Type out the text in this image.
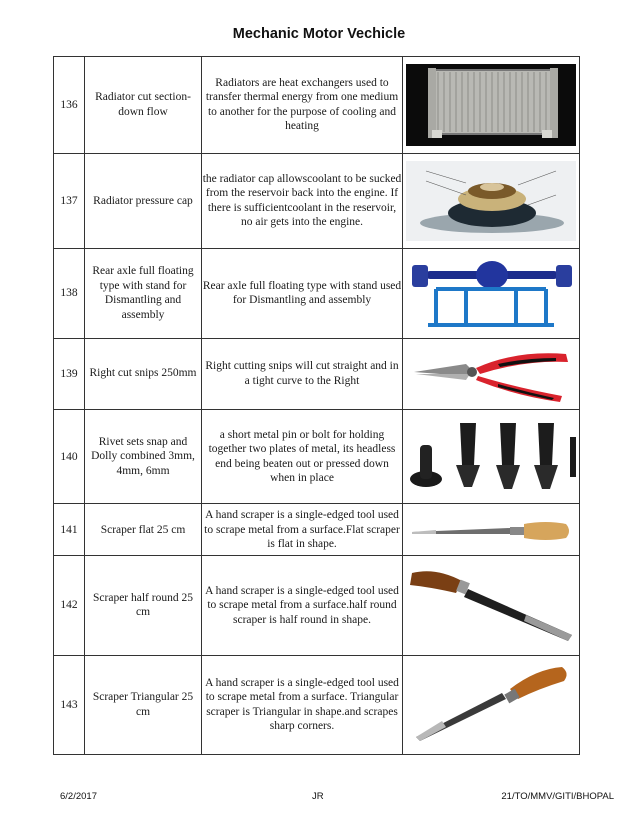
Mechanic Motor Vechicle
136	Radiator cut section- down flow	Radiators are heat exchangers used to transfer thermal energy from one medium to another for the purpose of cooling and heating	

137	Radiator pressure cap	the radiator cap allowscoolant to be sucked from the reservoir back into the engine. If there is sufficientcoolant in the reservoir, no air gets into the engine.	

138	Rear axle full floating type with stand for Dismantling and assembly	Rear axle full floating type with stand used for Dismantling and assembly	

139	Right cut snips 250mm	Right cutting snips will cut straight and in a tight curve to the Right	

140	Rivet sets snap and Dolly combined 3mm, 4mm, 6mm	a short metal pin or bolt for holding together two plates of metal, its headless end being beaten out or pressed down when in place	

141	Scraper flat 25 cm	A hand scraper is a single-edged tool used to scrape metal from a surface.Flat scraper is flat in shape.	

142	Scraper half round 25 cm	A hand scraper is a single-edged tool used to scrape metal from a surface.half round scraper is half round in shape.	

143	Scraper Triangular 25 cm	A hand scraper is a single-edged tool used to scrape metal from a surface. Triangular scraper is Triangular in shape.and scrapes sharp corners.	
6/2/2017	JR	21/TO/MMV/GITI/BHOPAL
